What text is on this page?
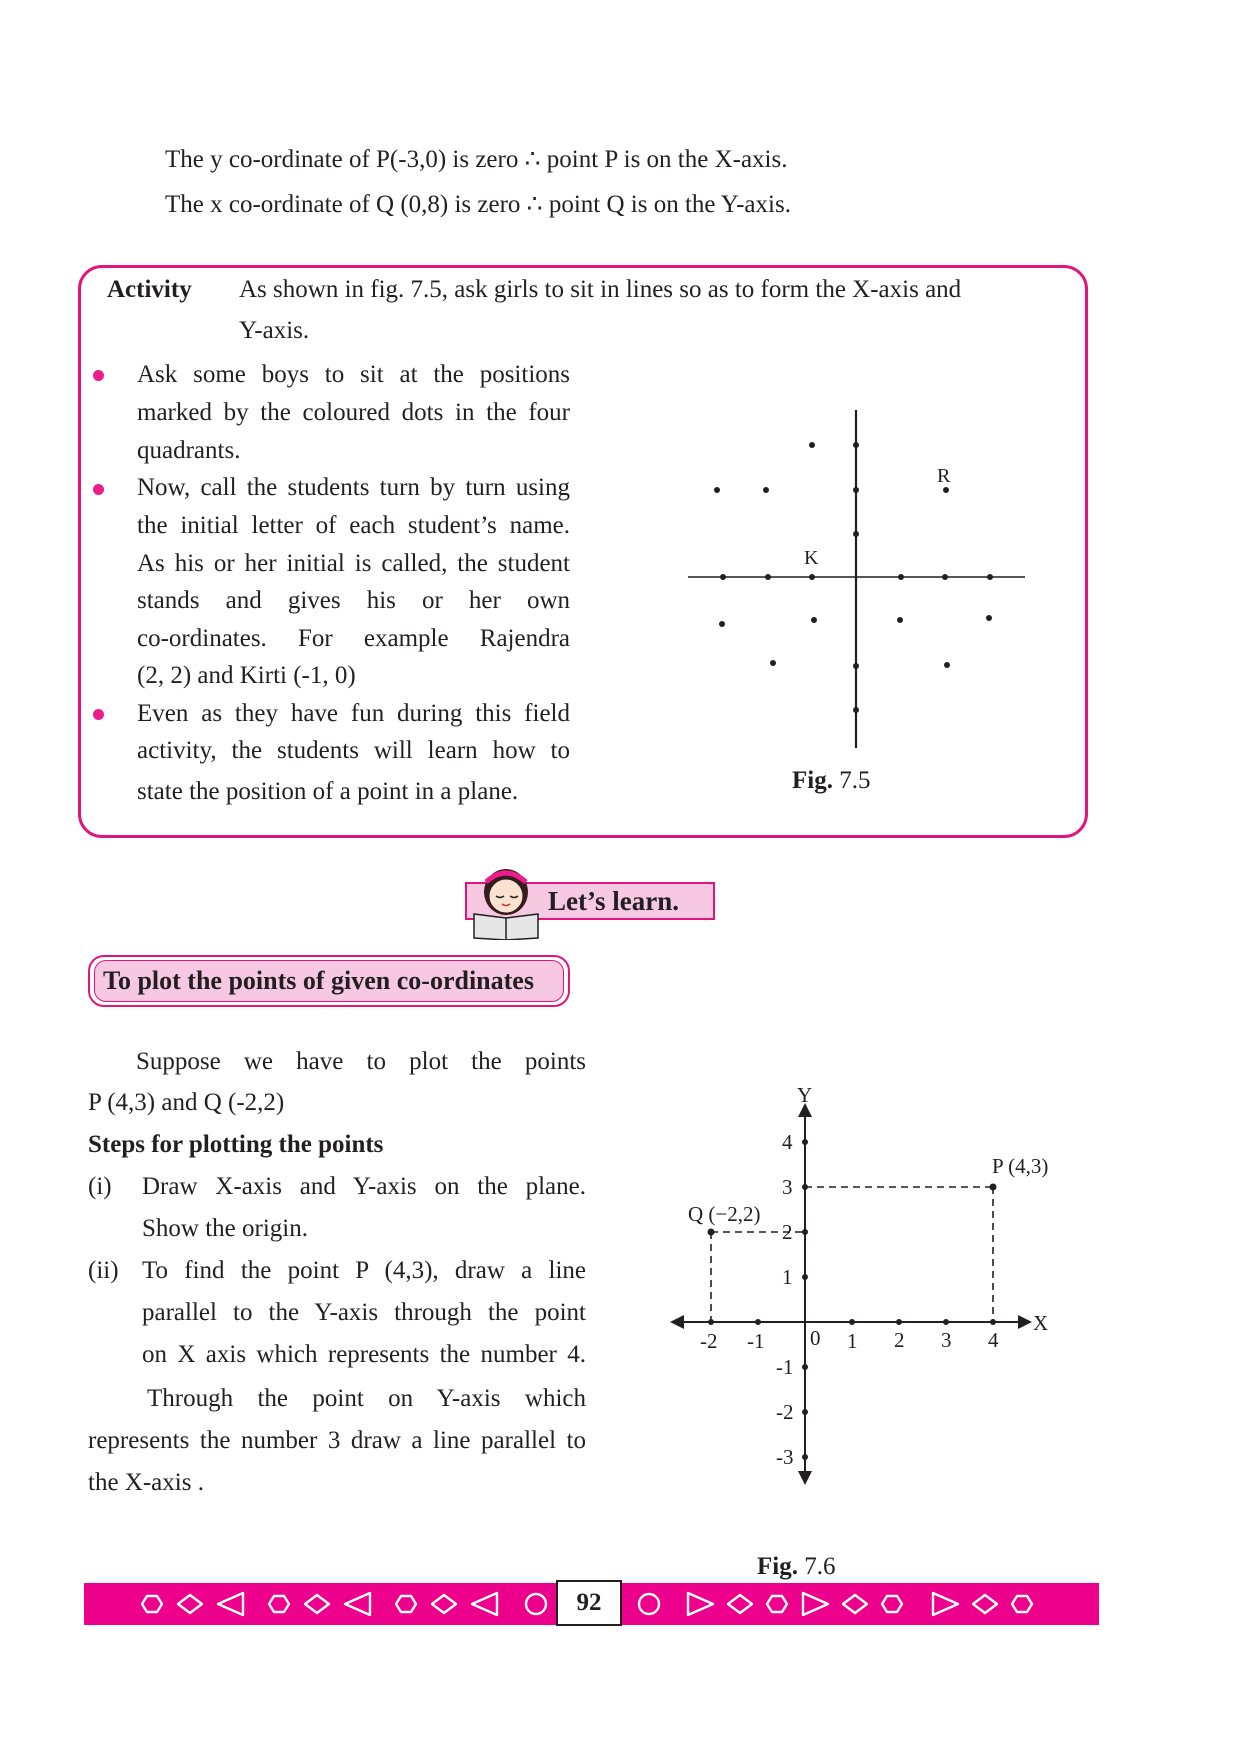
The y co-ordinate of P(-3,0) is zero ∴ point P is on the X-axis.
The x co-ordinate of Q (0,8) is zero ∴ point Q is on the Y-axis.
Activity As shown in fig. 7.5, ask girls to sit in lines so as to form the X-axis and
Y-axis.
Ask some boys to sit at the positions
marked by the coloured dots in the four
quadrants.
Now, call the students turn by turn using
the initial letter of each student’s name.
As his or her initial is called, the student
stands and gives his or her own
co-ordinates. For example Rajendra
(2, 2) and Kirti (-1, 0)
Even as they have fun during this field
activity, the students will learn how to
state the position of a point in a plane.
R
K
Fig. 7.5
Let’s learn.
To plot the points of given co-ordinates
Suppose we have to plot the points
P (4,3) and Q (-2,2)
Steps for plotting the points
(i) Draw X-axis and Y-axis on the plane.
Show the origin.
(ii) To find the point P (4,3), draw a line
parallel to the Y-axis through the point
on X axis which represents the number 4.
Through the point on Y-axis which
represents the number 3 draw a line parallel to
the X-axis .
Y
X
0
-2 -1	1 2 3 4
4
3
2
1
-1
-2
-3
P (4,3)
Q (−2,2)
Fig. 7.6
92
